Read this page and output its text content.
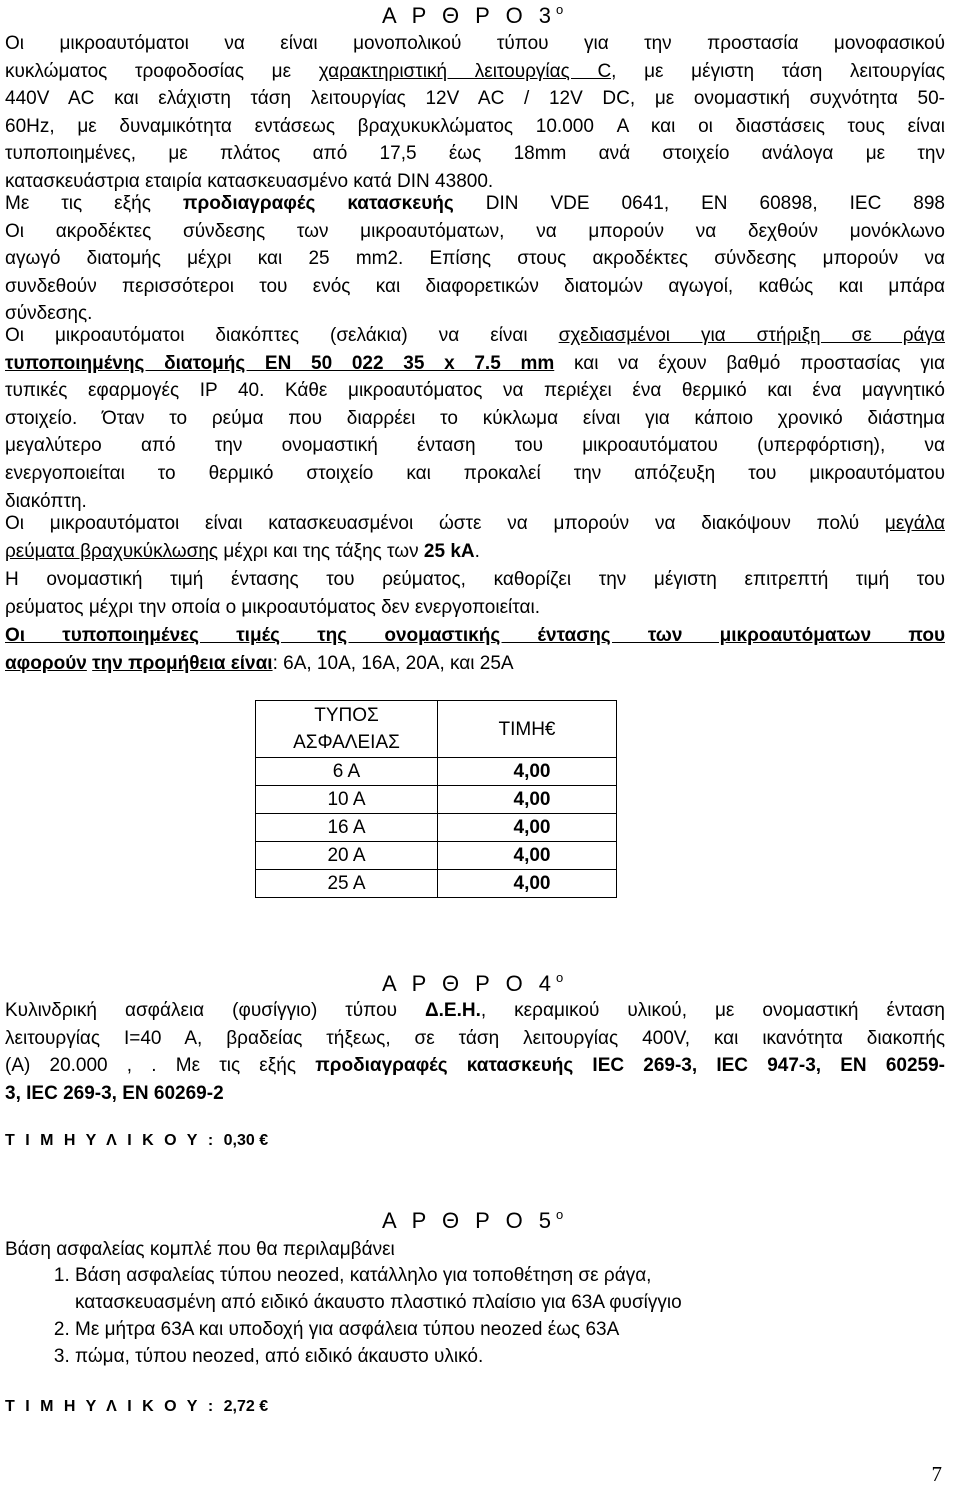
Α Ρ Θ Ρ Ο $3^o$

Οι μικροαυτόματοι να είναι μονοπολικού τύπου για την προστασία μονοφασικού
κυκλώματος τροφοδοσίας με χαρακτηριστική λειτουργίας C, με μέγιστη τάση λειτουργίας
440V AC και ελάχιστη τάση λειτουργίας 12V AC / 12V DC, με ονομαστική συχνότητα 50-
60Hz, με δυναμικότητα εντάσεως βραχυκυκλώματος 10.000 A και οι διαστάσεις τους είναι
τυποποιημένες, με πλάτος από 17,5 έως 18mm ανά στοιχείο ανάλογα με την
κατασκευάστρια εταιρία κατασκευασμένο κατά DIN 43800.

Με τις εξής προδιαγραφές κατασκευής DIN VDE 0641, EN 60898, IEC 898
Οι ακροδέκτες σύνδεσης των μικροαυτόματων, να μπορούν να δεχθούν μονόκλωνο
αγωγό διατομής μέχρι και 25 mm2. Επίσης στους ακροδέκτες σύνδεσης μπορούν να
συνδεθούν περισσότεροι του ενός και διαφορετικών διατομών αγωγοί, καθώς και μπάρα
σύνδεσης.

Οι μικροαυτόματοι διακόπτες (σελάκια) να είναι σχεδιασμένοι για στήριξη σε ράγα
τυποποιημένης διατομής ΕΝ 50 022 35 x 7.5 mm και να έχουν βαθμό προστασίας για
τυπικές εφαρμογές IP 40. Κάθε μικροαυτόματος να περιέχει ένα θερμικό και ένα μαγνητικό
στοιχείο. Όταν το ρεύμα που διαρρέει το κύκλωμα είναι για κάποιο χρονικό διάστημα
μεγαλύτερο από την ονομαστική ένταση του μικροαυτόματου (υπερφόρτιση), να
ενεργοποιείται το θερμικό στοιχείο και προκαλεί την απόζευξη του μικροαυτόματου
διακόπτη.

Οι μικροαυτόματοι είναι κατασκευασμένοι ώστε να μπορούν να διακόψουν πολύ μεγάλα
ρεύματα βραχυκύκλωσης μέχρι και της τάξης των 25 kA.

Η ονομαστική τιμή έντασης του ρεύματος, καθορίζει την μέγιστη επιτρεπτή τιμή του
ρεύματος μέχρι την οποία ο μικροαυτόματος δεν ενεργοποιείται.

Οι τυποποιημένες τιμές της ονομαστικής έντασης των μικροαυτόματων που
αφορούν την προμήθεια είναι: 6A, 10A, 16A, 20A, και 25A

ΤΥΠΟΣ
ΑΣΦΑΛΕΙΑΣ	ΤΙΜΗ€
6 A	4,00
10 A	4,00
16 A	4,00
20 A	4,00
25 A	4,00
Α Ρ Θ Ρ Ο $4^o$

Κυλινδρική ασφάλεια (φυσίγγιο) τύπου Δ.Ε.Η., κεραμικού υλικού, με ονομαστική ένταση
λειτουργίας Ι=40 Α, βραδείας τήξεως, σε τάση λειτουργίας 400V, και ικανότητα διακοπής
(Α) 20.000 , . Με τις εξής προδιαγραφές κατασκευής IEC 269-3, IEC 947-3, EN 60259-
3, IEC 269-3, EN 60269-2

Τ Ι Μ Η Υ Λ Ι Κ Ο Υ : 0,30 €
Α Ρ Θ Ρ Ο $5^o$
Βάση ασφαλείας κομπλέ που θα περιλαμβάνει
1. Βάση ασφαλείας τύπου neozed, κατάλληλο για τοποθέτηση σε ράγα,
κατασκευασμένη από ειδικό άκαυστο πλαστικό πλαίσιο για 63Α φυσίγγιο
2. Με μήτρα 63Α και υποδοχή για ασφάλεια τύπου neozed έως 63Α
3. πώμα, τύπου neozed, από ειδικό άκαυστο υλικό.
Τ Ι Μ Η Υ Λ Ι Κ Ο Υ : 2,72 €
7
